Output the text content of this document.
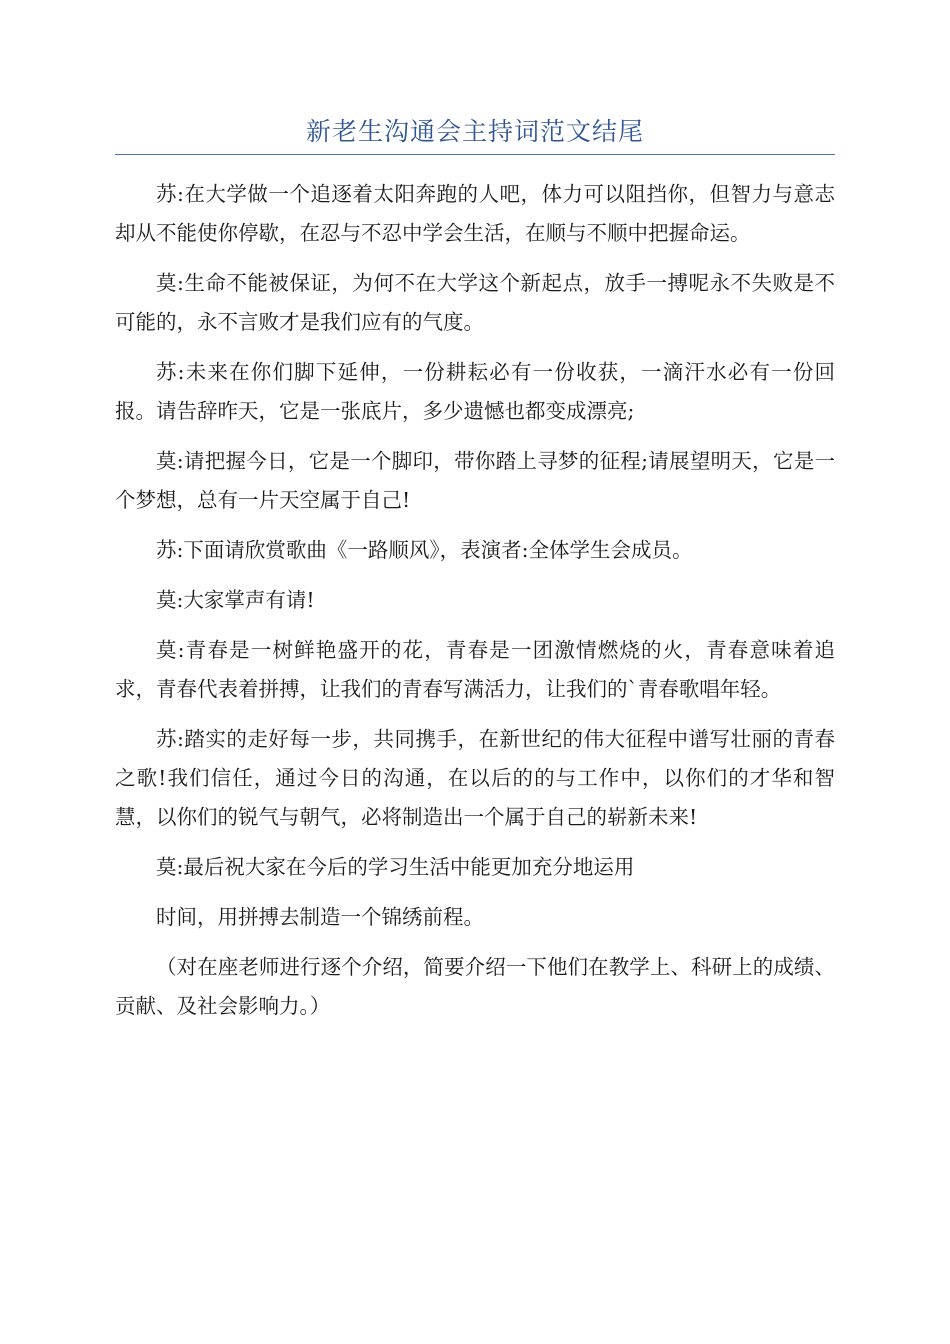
新老生沟通会主持词范文结尾

苏:在大学做一个追逐着太阳奔跑的人吧，体力可以阻挡你，但智力与意志却从不能使你停歇，在忍与不忍中学会生活，在顺与不顺中把握命运。

莫:生命不能被保证，为何不在大学这个新起点，放手一搏呢永不失败是不可能的，永不言败才是我们应有的气度。

苏:未来在你们脚下延伸，一份耕耘必有一份收获，一滴汗水必有一份回报。请告辞昨天，它是一张底片，多少遗憾也都变成漂亮;

莫:请把握今日，它是一个脚印，带你踏上寻梦的征程;请展望明天，它是一个梦想，总有一片天空属于自己!

苏:下面请欣赏歌曲《一路顺风》，表演者:全体学生会成员。

莫:大家掌声有请!

莫:青春是一树鲜艳盛开的花，青春是一团激情燃烧的火，青春意味着追求，青春代表着拼搏，让我们的青春写满活力，让我们的`青春歌唱年轻。

苏:踏实的走好每一步，共同携手，在新世纪的伟大征程中谱写壮丽的青春之歌!我们信任，通过今日的沟通，在以后的的与工作中，以你们的才华和智慧，以你们的锐气与朝气，必将制造出一个属于自己的崭新未来!

莫:最后祝大家在今后的学习生活中能更加充分地运用

时间，用拼搏去制造一个锦绣前程。

（对在座老师进行逐个介绍，简要介绍一下他们在教学上、科研上的成绩、贡献、及社会影响力。）
